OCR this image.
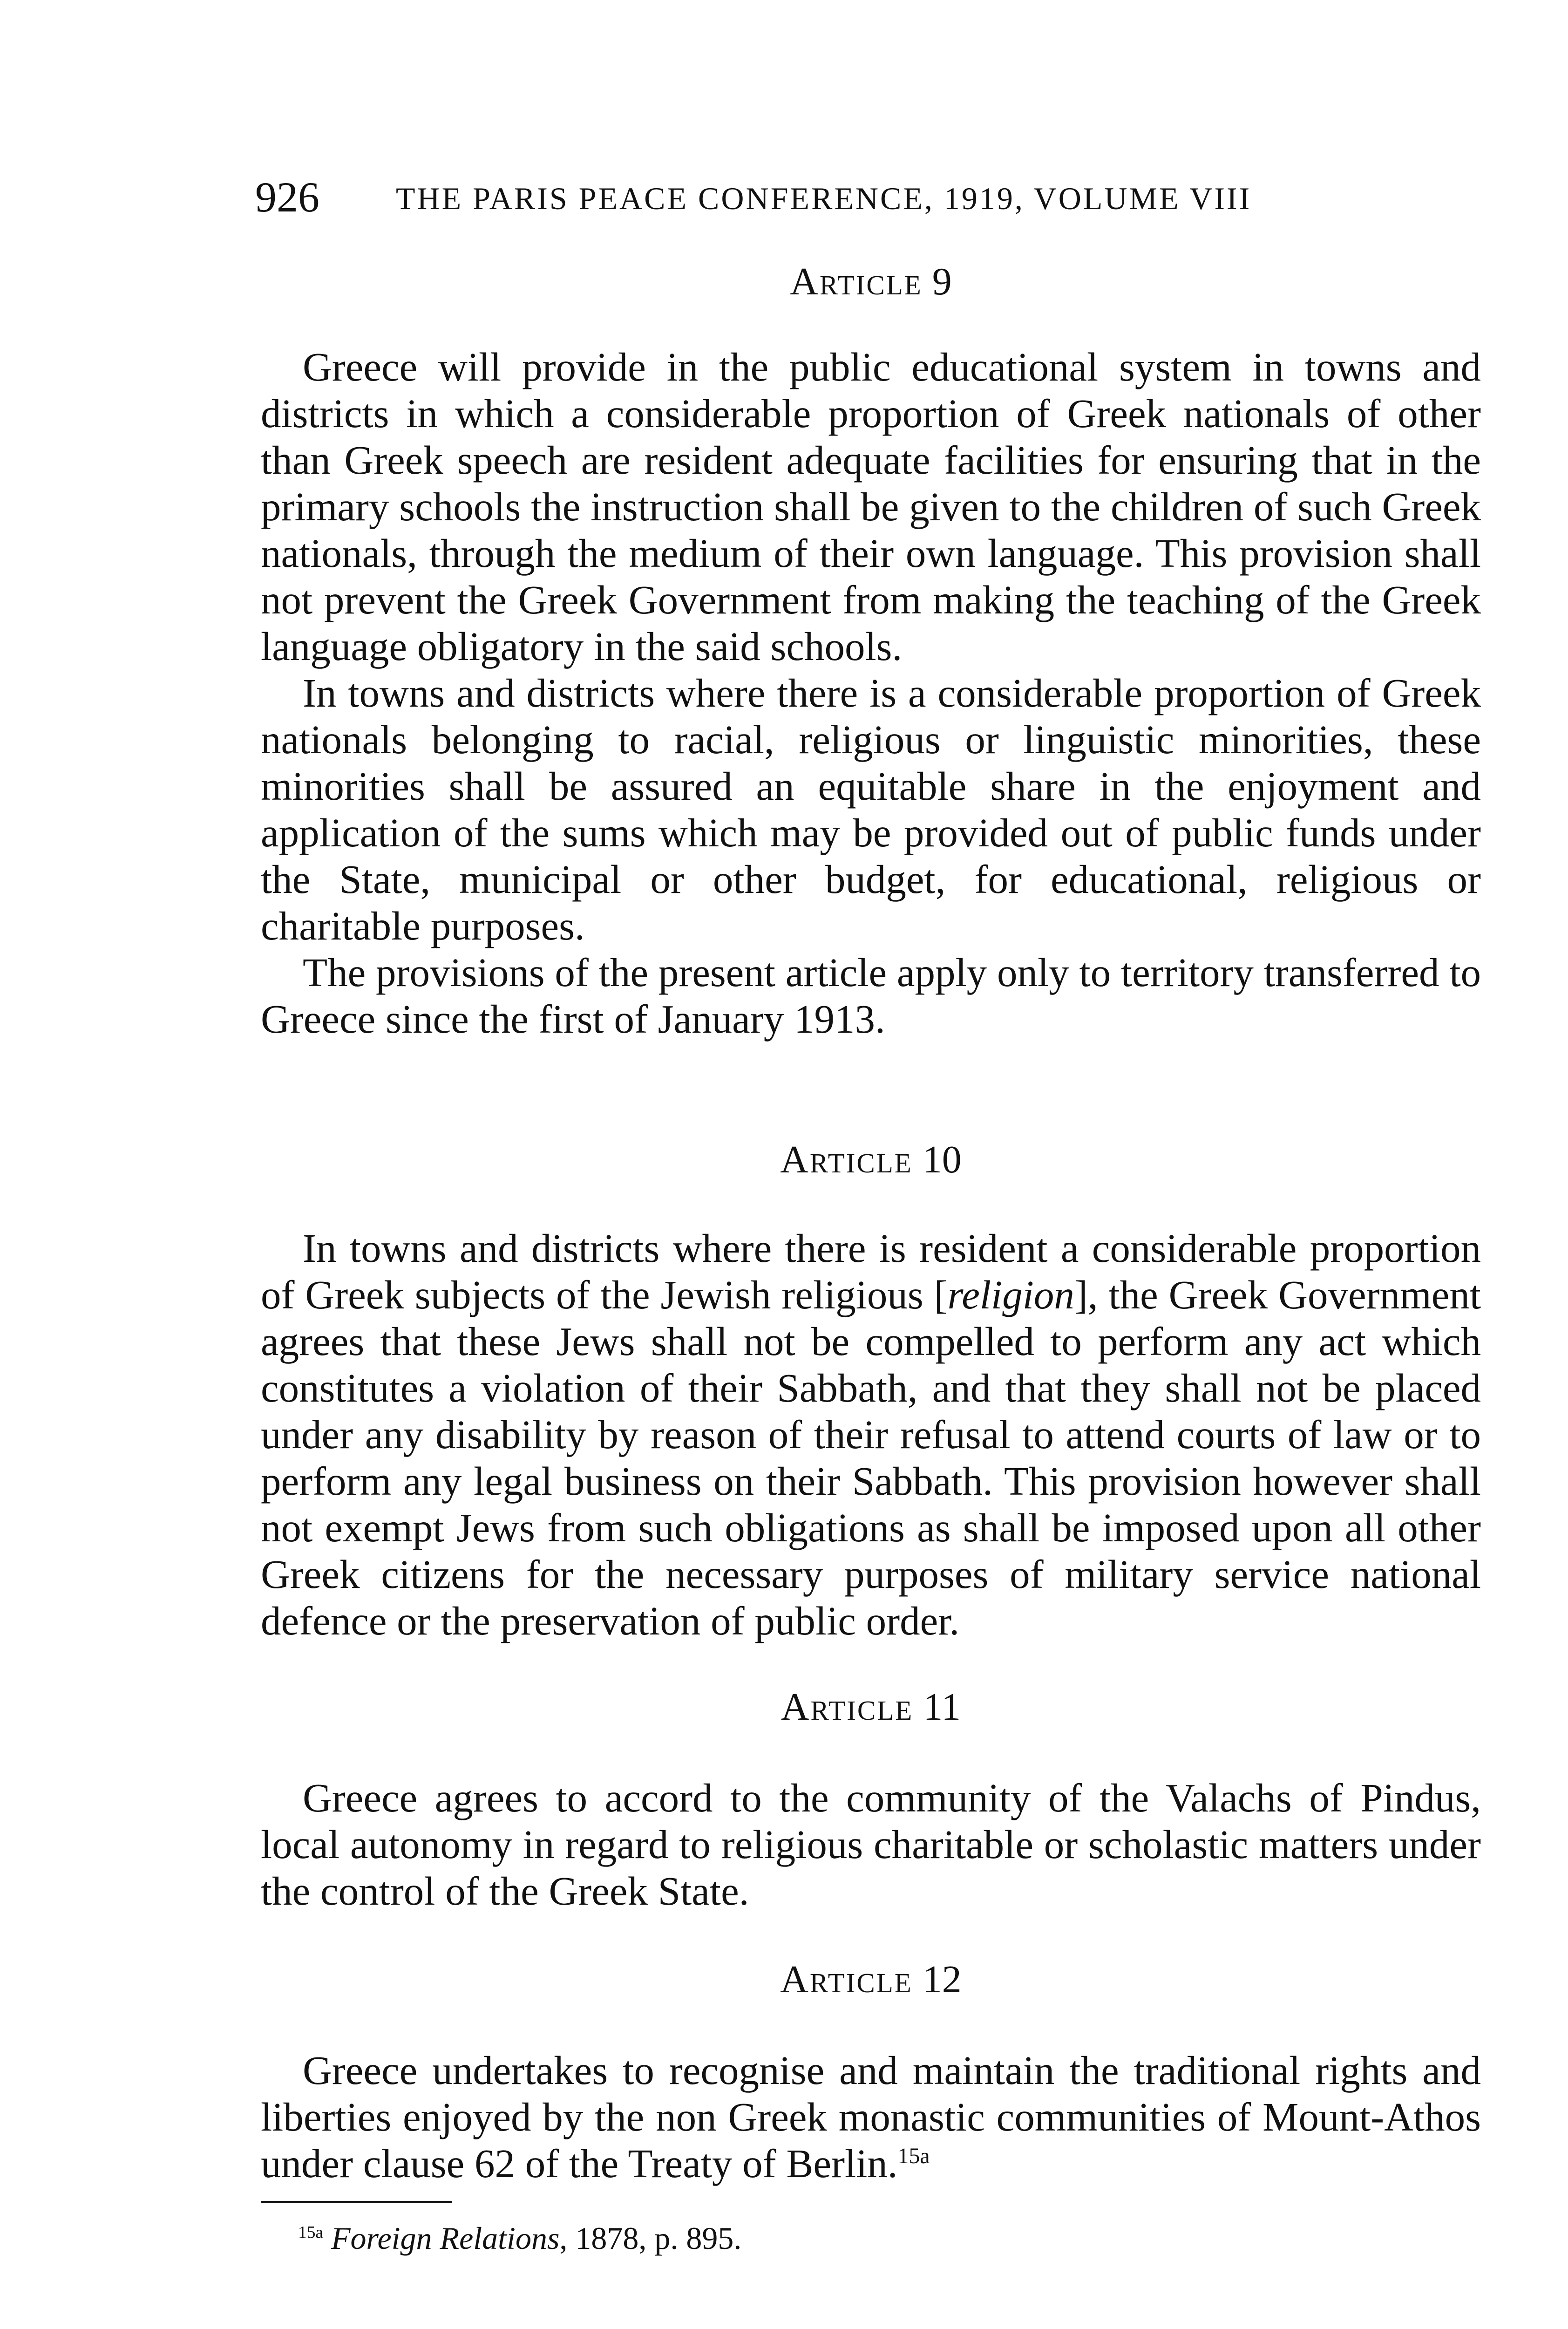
926 THE PARIS PEACE CONFERENCE, 1919, VOLUME VIII
Article 9

Greece will provide in the public educational system in towns and districts in which a considerable proportion of Greek nationals of other than Greek speech are resident adequate facilities for ensuring that in the primary schools the instruction shall be given to the children of such Greek nationals, through the medium of their own language. This provision shall not prevent the Greek Government from making the teaching of the Greek language obligatory in the said schools.

In towns and districts where there is a considerable proportion of Greek nationals belonging to racial, religious or linguistic minorities, these minorities shall be assured an equitable share in the enjoyment and application of the sums which may be provided out of public funds under the State, municipal or other budget, for educational, religious or charitable purposes.

The provisions of the present article apply only to territory transferred to Greece since the first of January 1913.

Article 10

In towns and districts where there is resident a considerable proportion of Greek subjects of the Jewish religious [religion], the Greek Government agrees that these Jews shall not be compelled to perform any act which constitutes a violation of their Sabbath, and that they shall not be placed under any disability by reason of their refusal to attend courts of law or to perform any legal business on their Sabbath. This provision however shall not exempt Jews from such obligations as shall be imposed upon all other Greek citizens for the necessary purposes of military service national defence or the preservation of public order.

Article 11

Greece agrees to accord to the community of the Valachs of Pindus, local autonomy in regard to religious charitable or scholastic matters under the control of the Greek State.

Article 12

Greece undertakes to recognise and maintain the traditional rights and liberties enjoyed by the non Greek monastic communities of Mount-Athos under clause 62 of the Treaty of Berlin.$^{15a}$

$^{15a}$ Foreign Relations, 1878, p. 895.
